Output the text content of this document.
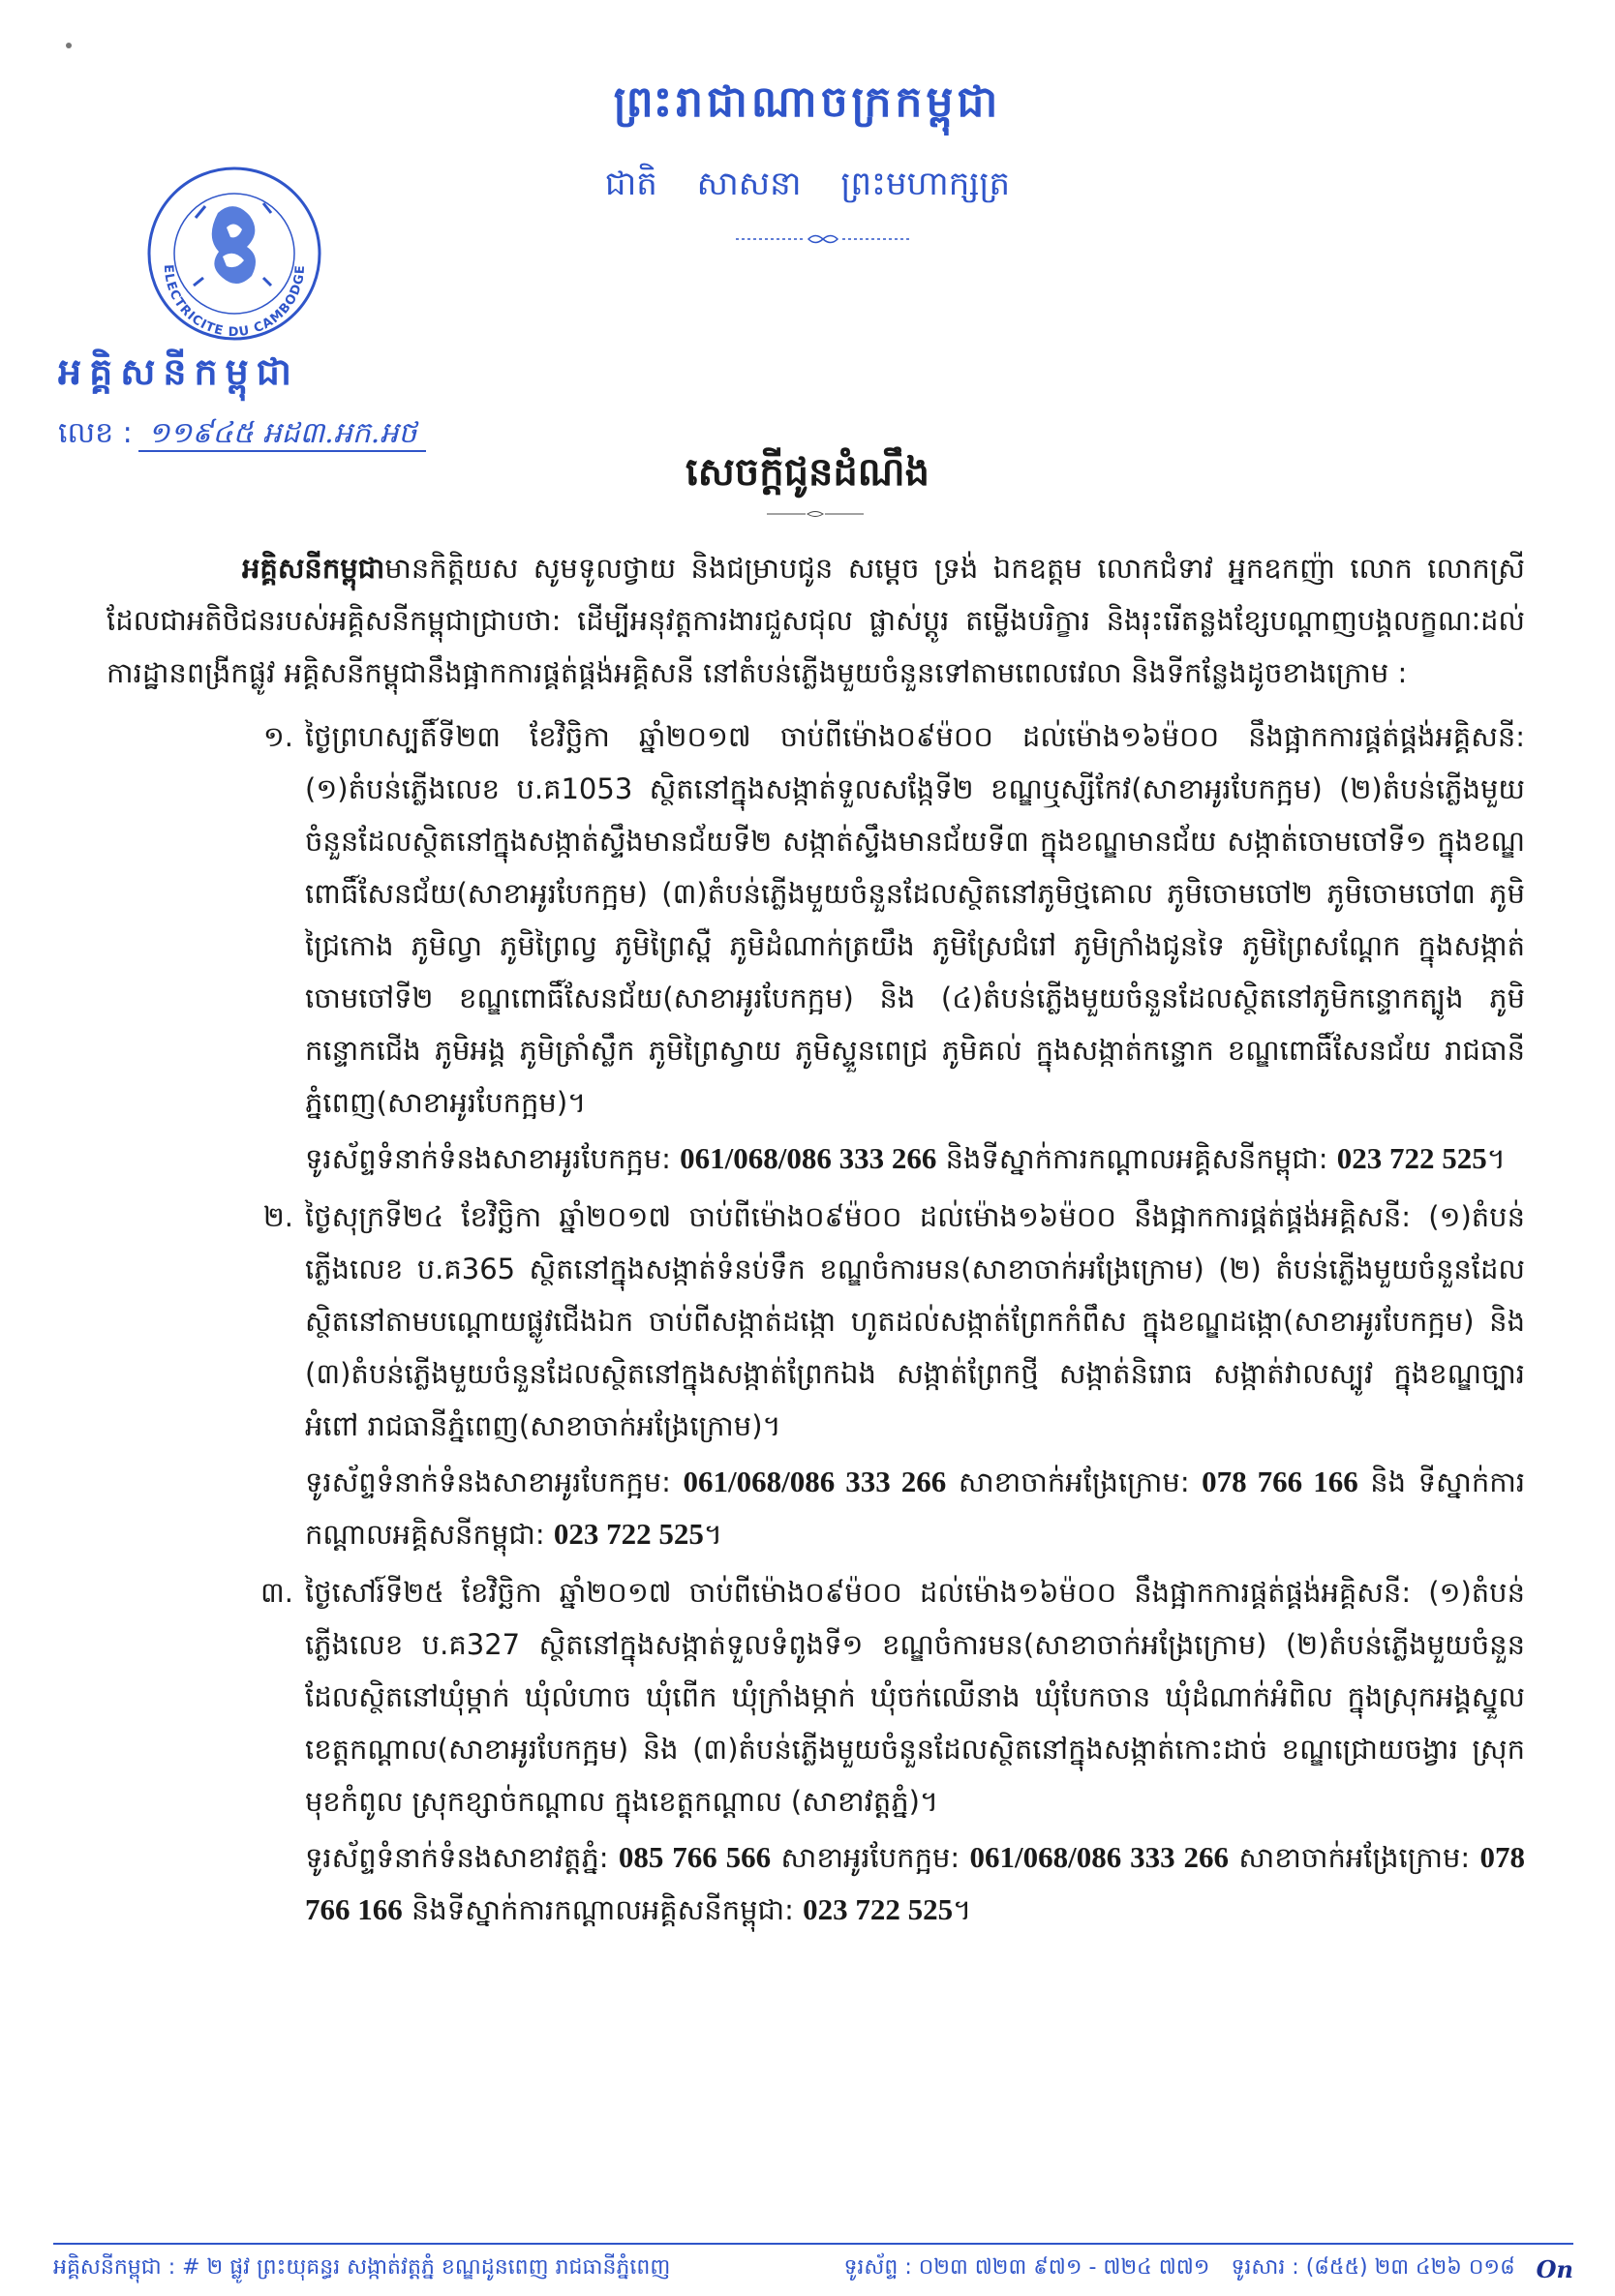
ព្រះរាជាណាចក្រកម្ពុជា
ជាតិ សាសនា ព្រះមហាក្សត្រ
ELECTRICITE DU CAMBODGE
អគ្គិសនីកម្ពុជា
លេខ : ១១៩៤៥ អដ៣.អក.អថ
សេចក្តីជូនដំណឹង

អគ្គិសនីកម្ពុជាមានកិត្តិយស សូមទូលថ្វាយ និងជម្រាបជូន សម្តេច ទ្រង់ ឯកឧត្តម លោកជំទាវ អ្នកឧកញ៉ា លោក លោកស្រី ដែលជាអតិថិជនរបស់អគ្គិសនីកម្ពុជាជ្រាបថា: ដើម្បីអនុវត្តការងារជួសជុល ផ្លាស់ប្តូរ តម្លើងបរិក្ខារ និងរុះរើតន្លងខ្សែបណ្តាញបង្គលក្ខណៈដល់ការដ្ឋានពង្រីកផ្លូវ អគ្គិសនីកម្ពុជានឹងផ្អាកការផ្គត់ផ្គង់អគ្គិសនី នៅតំបន់ភ្លើងមួយចំនួនទៅតាមពេលវេលា និងទីកន្លែងដូចខាងក្រោម :

១. ថ្ងៃព្រហស្បតិ៍ទី២៣ ខែវិច្ឆិកា ឆ្នាំ២០១៧ ចាប់ពីម៉ោង០៩ម៉០០ ដល់ម៉ោង១៦ម៉០០ នឹងផ្អាកការផ្គត់ផ្គង់អគ្គិសនី: (១)តំបន់ភ្លើងលេខ ប.គ1053 ស្ថិតនៅក្នុងសង្កាត់ទួលសង្កែទី២ ខណ្ឌឬស្សីកែវ(សាខាអូរបែកក្អម) (២)តំបន់ភ្លើងមួយចំនួនដែលស្ថិតនៅក្នុងសង្កាត់ស្ទឹងមានជ័យទី២ សង្កាត់ស្ទឹងមានជ័យទី៣ ក្នុងខណ្ឌមានជ័យ សង្កាត់ចោមចៅទី១ ក្នុងខណ្ឌពោធិ៍សែនជ័យ(សាខាអូរបែកក្អម) (៣)តំបន់ភ្លើងមួយចំនួនដែលស្ថិតនៅភូមិថ្មគោល ភូមិចោមចៅ២ ភូមិចោមចៅ៣ ភូមិជ្រៃកោង ភូមិល្វា ភូមិព្រៃល្វ ភូមិព្រៃស្ពឺ ភូមិដំណាក់ត្រយឹង ភូមិស្រែជំរៅ ភូមិក្រាំងជូនទៃ ភូមិព្រៃសណ្តែក ក្នុងសង្កាត់ចោមចៅទី២ ខណ្ឌពោធិ៍សែនជ័យ(សាខាអូរបែកក្អម) និង (៤)តំបន់ភ្លើងមួយចំនួនដែលស្ថិតនៅភូមិកន្ទោកត្បូង ភូមិកន្ទោកជើង ភូមិអង្គ ភូមិត្រាំស្លឹក ភូមិព្រៃស្វាយ ភូមិស្ទួនពេជ្រ ភូមិគល់ ក្នុងសង្កាត់កន្ទោក ខណ្ឌពោធិ៍សែនជ័យ រាជធានីភ្នំពេញ(សាខាអូរបែកក្អម)។
ទូរស័ព្ទទំនាក់ទំនងសាខាអូរបែកក្អម: 061/068/086 333 266 និងទីស្នាក់ការកណ្តាលអគ្គិសនីកម្ពុជា: 023 722 525។
២. ថ្ងៃសុក្រទី២៤ ខែវិច្ឆិកា ឆ្នាំ២០១៧ ចាប់ពីម៉ោង០៩ម៉០០ ដល់ម៉ោង១៦ម៉០០ នឹងផ្អាកការផ្គត់ផ្គង់អគ្គិសនី: (១)តំបន់ភ្លើងលេខ ប.គ365 ស្ថិតនៅក្នុងសង្កាត់ទំនប់ទឹក ខណ្ឌចំការមន(សាខាចាក់អង្រែក្រោម) (២) តំបន់ភ្លើងមួយចំនួនដែលស្ថិតនៅតាមបណ្តោយផ្លូវជើងឯក ចាប់ពីសង្កាត់ដង្កោ ហូតដល់សង្កាត់ព្រែកកំពឹស ក្នុងខណ្ឌដង្កោ(សាខាអូរបែកក្អម) និង (៣)តំបន់ភ្លើងមួយចំនួនដែលស្ថិតនៅក្នុងសង្កាត់ព្រែកឯង សង្កាត់ព្រែកថ្មី សង្កាត់និរោធ សង្កាត់វាលស្បូវ ក្នុងខណ្ឌច្បារអំពៅ រាជធានីភ្នំពេញ(សាខាចាក់អង្រែក្រោម)។
ទូរស័ព្ទទំនាក់ទំនងសាខាអូរបែកក្អម: 061/068/086 333 266 សាខាចាក់អង្រែក្រោម: 078 766 166 និង ទីស្នាក់ការកណ្តាលអគ្គិសនីកម្ពុជា: 023 722 525។
៣. ថ្ងៃសៅរ៍ទី២៥ ខែវិច្ឆិកា ឆ្នាំ២០១៧ ចាប់ពីម៉ោង០៩ម៉០០ ដល់ម៉ោង១៦ម៉០០ នឹងផ្អាកការផ្គត់ផ្គង់អគ្គិសនី: (១)តំបន់ភ្លើងលេខ ប.គ327 ស្ថិតនៅក្នុងសង្កាត់ទួលទំពូងទី១ ខណ្ឌចំការមន(សាខាចាក់អង្រែក្រោម) (២)តំបន់ភ្លើងមួយចំនួនដែលស្ថិតនៅឃុំម្កាក់ ឃុំលំហាច ឃុំពើក ឃុំក្រាំងម្កាក់ ឃុំចក់ឈើនាង ឃុំបែកចាន ឃុំដំណាក់អំពិល ក្នុងស្រុកអង្គស្នួល ខេត្តកណ្តាល(សាខាអូរបែកក្អម) និង (៣)តំបន់ភ្លើងមួយចំនួនដែលស្ថិតនៅក្នុងសង្កាត់កោះដាច់ ខណ្ឌជ្រោយចង្វារ ស្រុកមុខកំពូល ស្រុកខ្សាច់កណ្តាល ក្នុងខេត្តកណ្តាល (សាខាវត្តភ្នំ)។
ទូរស័ព្ទទំនាក់ទំនងសាខាវត្តភ្នំ: 085 766 566 សាខាអូរបែកក្អម: 061/068/086 333 266 សាខាចាក់អង្រែក្រោម: 078 766 166 និងទីស្នាក់ការកណ្តាលអគ្គិសនីកម្ពុជា: 023 722 525។
អគ្គិសនីកម្ពុជា : # ២ ផ្លូវ ព្រះយុគន្ធរ សង្កាត់វត្តភ្នំ ខណ្ឌដូនពេញ រាជធានីភ្នំពេញ	ទូរស័ព្ទ : ០២៣ ៧២៣ ៩៧១ - ៧២៤ ៧៧១ ទូរសារ : (៨៥៥) ២៣ ៤២៦ ០១៨ On
